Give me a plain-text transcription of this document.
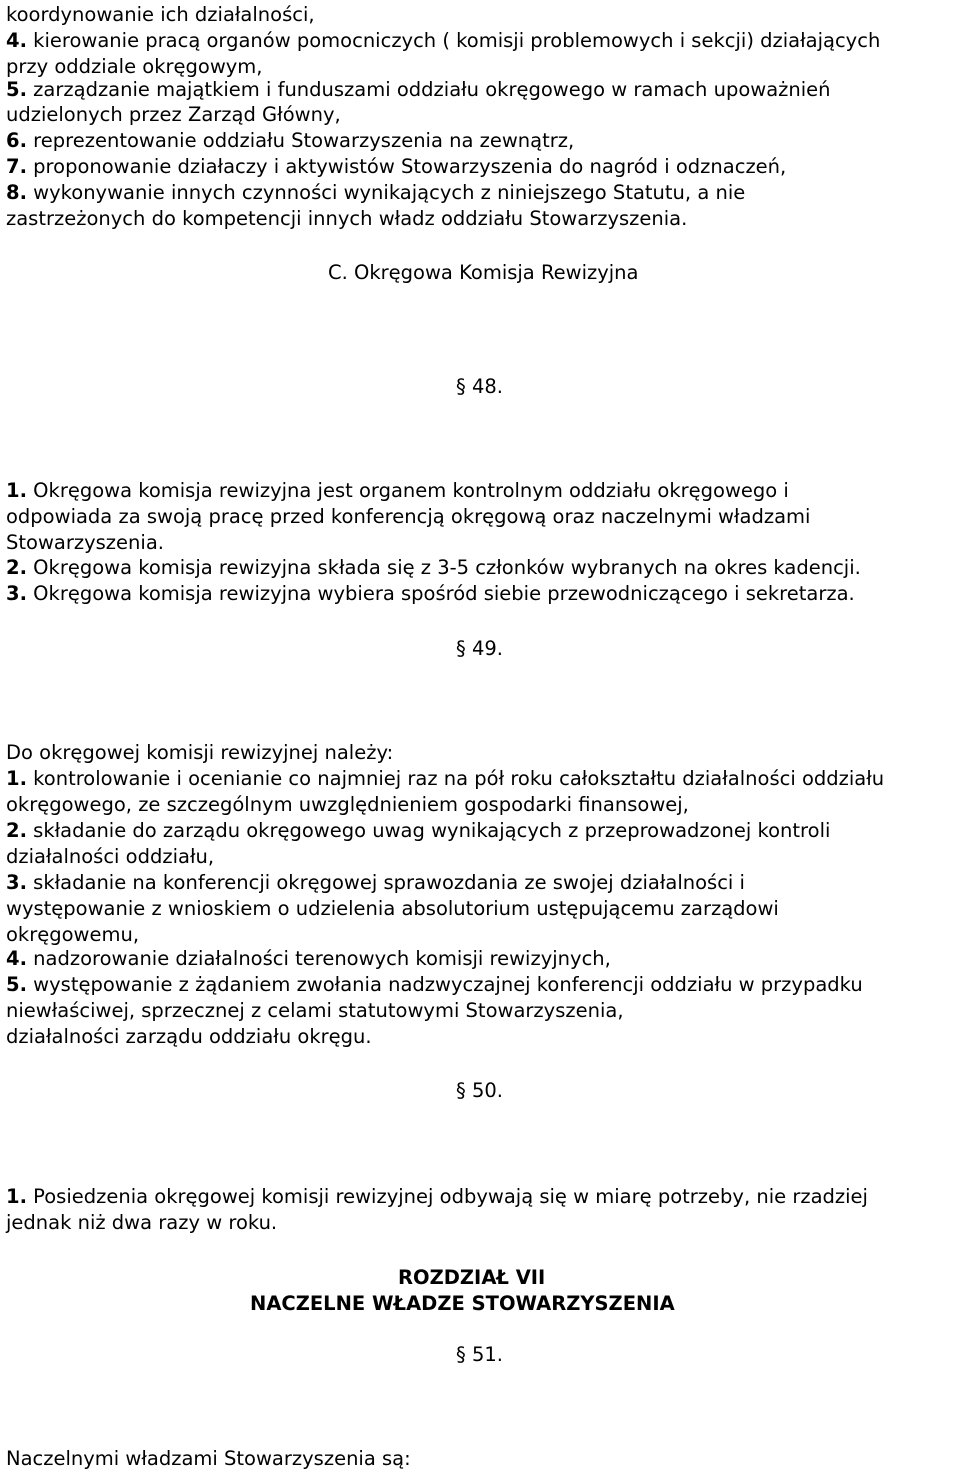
koordynowanie ich działalności,
4. kierowanie pracą organów pomocniczych ( komisji problemowych i sekcji) działających
przy oddziale okręgowym,
5. zarządzanie majątkiem i funduszami oddziału okręgowego w ramach upoważnień
udzielonych przez Zarząd Główny,
6. reprezentowanie oddziału Stowarzyszenia na zewnątrz,
7. proponowanie działaczy i aktywistów Stowarzyszenia do nagród i odznaczeń,
8. wykonywanie innych czynności wynikających z niniejszego Statutu, a nie
zastrzeżonych do kompetencji innych władz oddziału Stowarzyszenia.
C. Okręgowa Komisja Rewizyjna
§ 48.
1. Okręgowa komisja rewizyjna jest organem kontrolnym oddziału okręgowego i
odpowiada za swoją pracę przed konferencją okręgową oraz naczelnymi władzami
Stowarzyszenia.
2. Okręgowa komisja rewizyjna składa się z 3-5 członków wybranych na okres kadencji.
3. Okręgowa komisja rewizyjna wybiera spośród siebie przewodniczącego i sekretarza.
§ 49.
Do okręgowej komisji rewizyjnej należy:
1. kontrolowanie i ocenianie co najmniej raz na pół roku całokształtu działalności oddziału
okręgowego, ze szczególnym uwzględnieniem gospodarki finansowej,
2. składanie do zarządu okręgowego uwag wynikających z przeprowadzonej kontroli
działalności oddziału,
3. składanie na konferencji okręgowej sprawozdania ze swojej działalności i
występowanie z wnioskiem o udzielenia absolutorium ustępującemu zarządowi
okręgowemu,
4. nadzorowanie działalności terenowych komisji rewizyjnych,
5. występowanie z żądaniem zwołania nadzwyczajnej konferencji oddziału w przypadku
niewłaściwej, sprzecznej z celami statutowymi Stowarzyszenia,
działalności zarządu oddziału okręgu.
§ 50.
1. Posiedzenia okręgowej komisji rewizyjnej odbywają się w miarę potrzeby, nie rzadziej
jednak niż dwa razy w roku.
ROZDZIAŁ VII
NACZELNE WŁADZE STOWARZYSZENIA
§ 51.
Naczelnymi władzami Stowarzyszenia są:
